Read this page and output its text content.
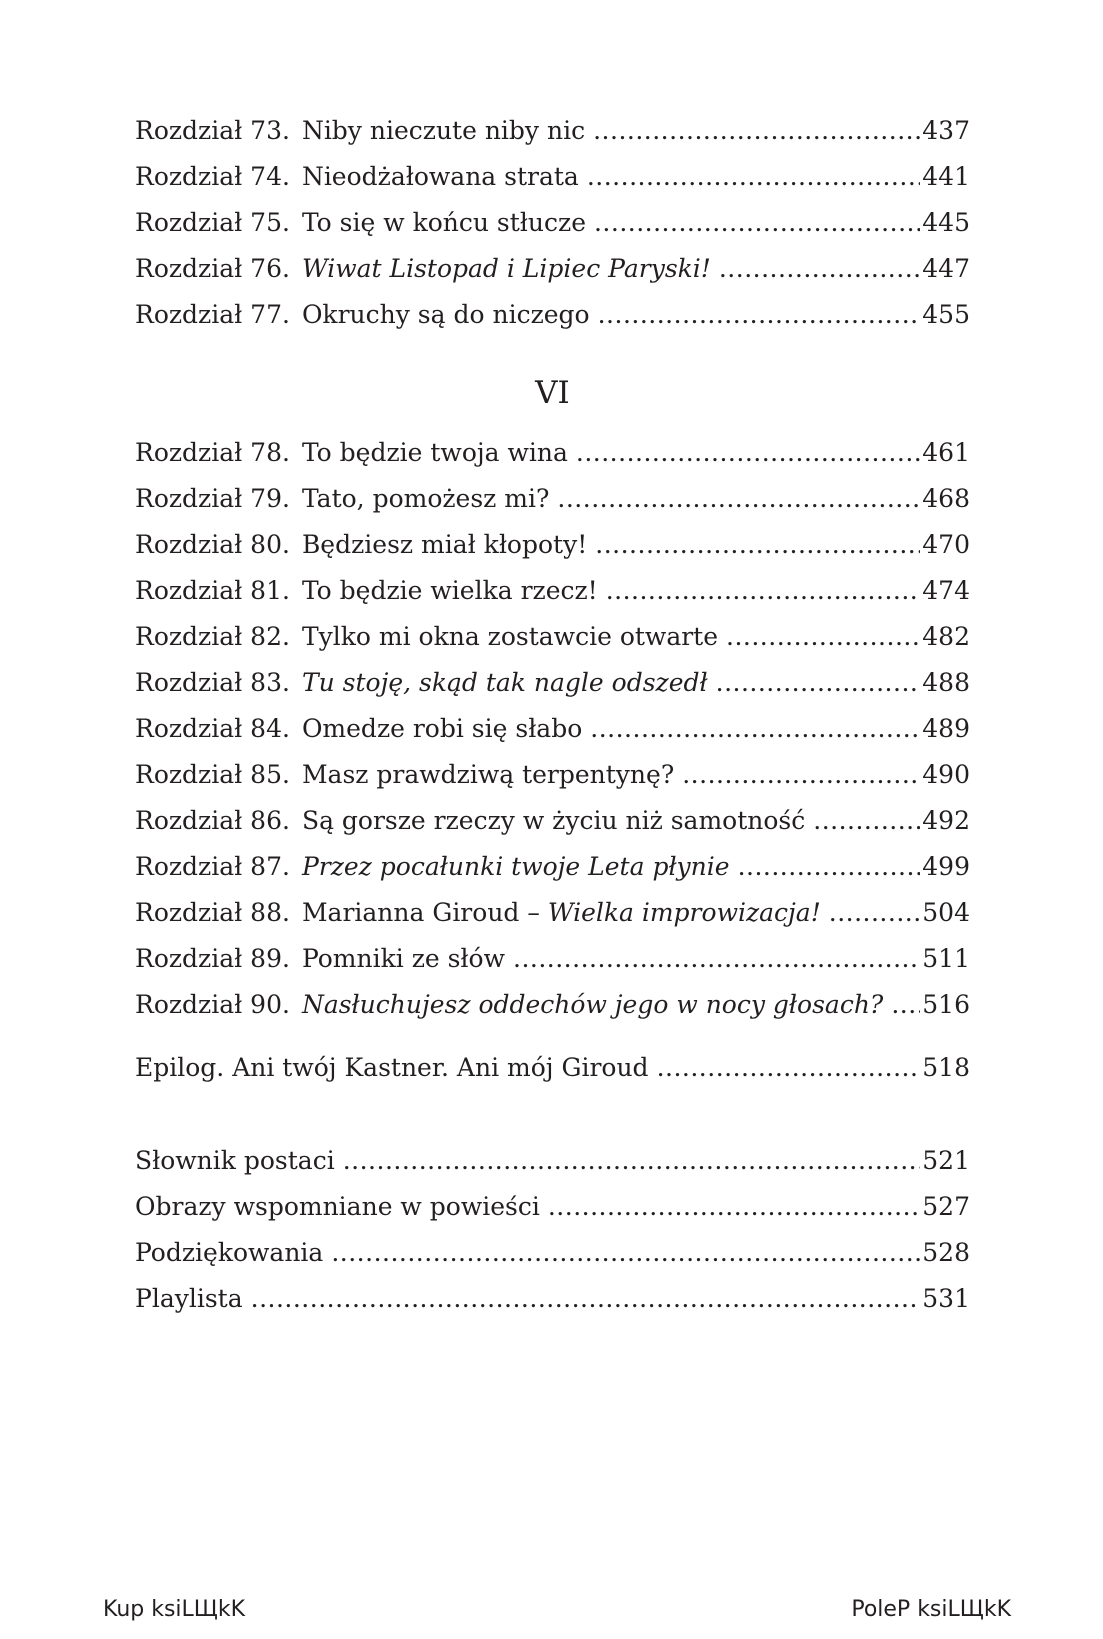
Rozdział 73. Niby nieczute niby nic .....	437
Rozdział 74. Nieodżałowana strata .....	441
Rozdział 75. To się w końcu stłucze .....	445
Rozdział 76. Wiwat Listopad i Lipiec Paryski! .....	447
Rozdział 77. Okruchy są do niczego .....	455
VI
Rozdział 78. To będzie twoja wina .....	461
Rozdział 79. Tato, pomożesz mi? .....	468
Rozdział 80. Będziesz miał kłopoty! .....	470
Rozdział 81. To będzie wielka rzecz! .....	474
Rozdział 82. Tylko mi okna zostawcie otwarte .....	482
Rozdział 83. Tu stoję, skąd tak nagle odszedł .....	488
Rozdział 84. Omedze robi się słabo .....	489
Rozdział 85. Masz prawdziwą terpentynę? .....	490
Rozdział 86. Są gorsze rzeczy w życiu niż samotność .....	492
Rozdział 87. Przez pocałunki twoje Leta płynie .....	499
Rozdział 88. Marianna Giroud – Wielka improwizacja! .....	504
Rozdział 89. Pomniki ze słów .....	511
Rozdział 90. Nasłuchujesz oddechów jego w nocy głosach? ..... 516
Epilog. Ani twój Kastner. Ani mój Giroud .....	518
Słownik postaci .....	521
Obrazy wspomniane w powieści .....	527
Podziękowania .....	528
Playlista .....	531
Kup ksiLЩkK	PoleP ksiLЩkK
